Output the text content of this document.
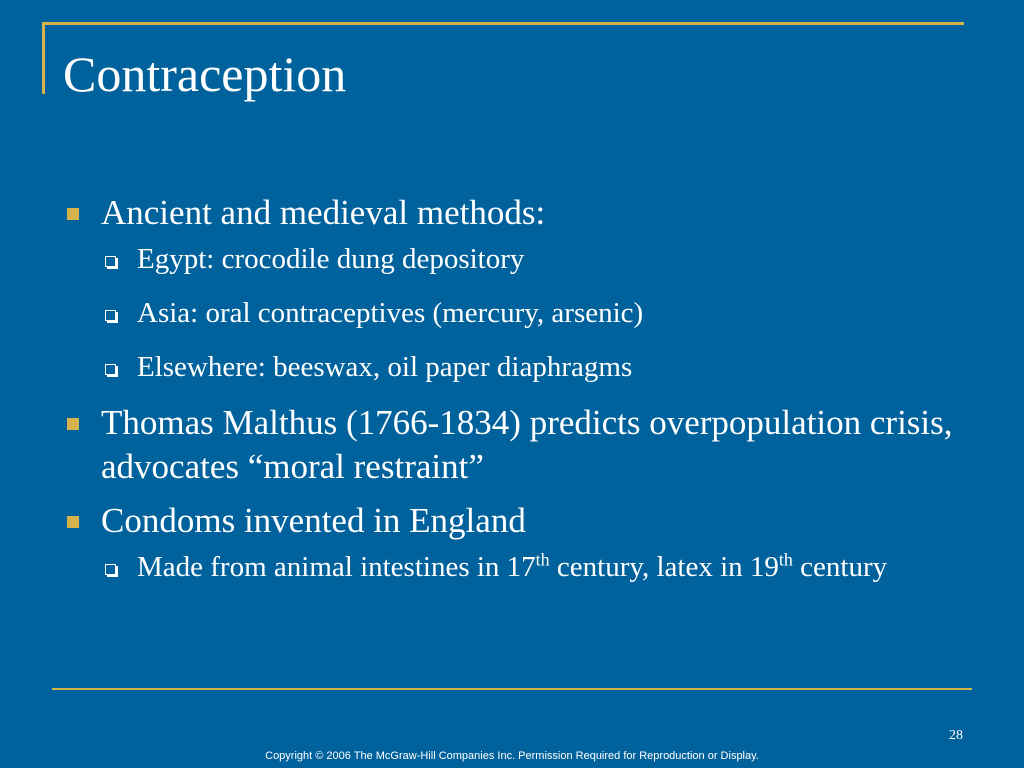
Contraception
Ancient and medieval methods:
Egypt: crocodile dung depository
Asia: oral contraceptives (mercury, arsenic)
Elsewhere: beeswax, oil paper diaphragms
Thomas Malthus (1766-1834) predicts overpopulation crisis, advocates “moral restraint”
Condoms invented in England
Made from animal intestines in 17th century, latex in 19th century
28
Copyright © 2006 The McGraw-Hill Companies Inc. Permission Required for Reproduction or Display.
